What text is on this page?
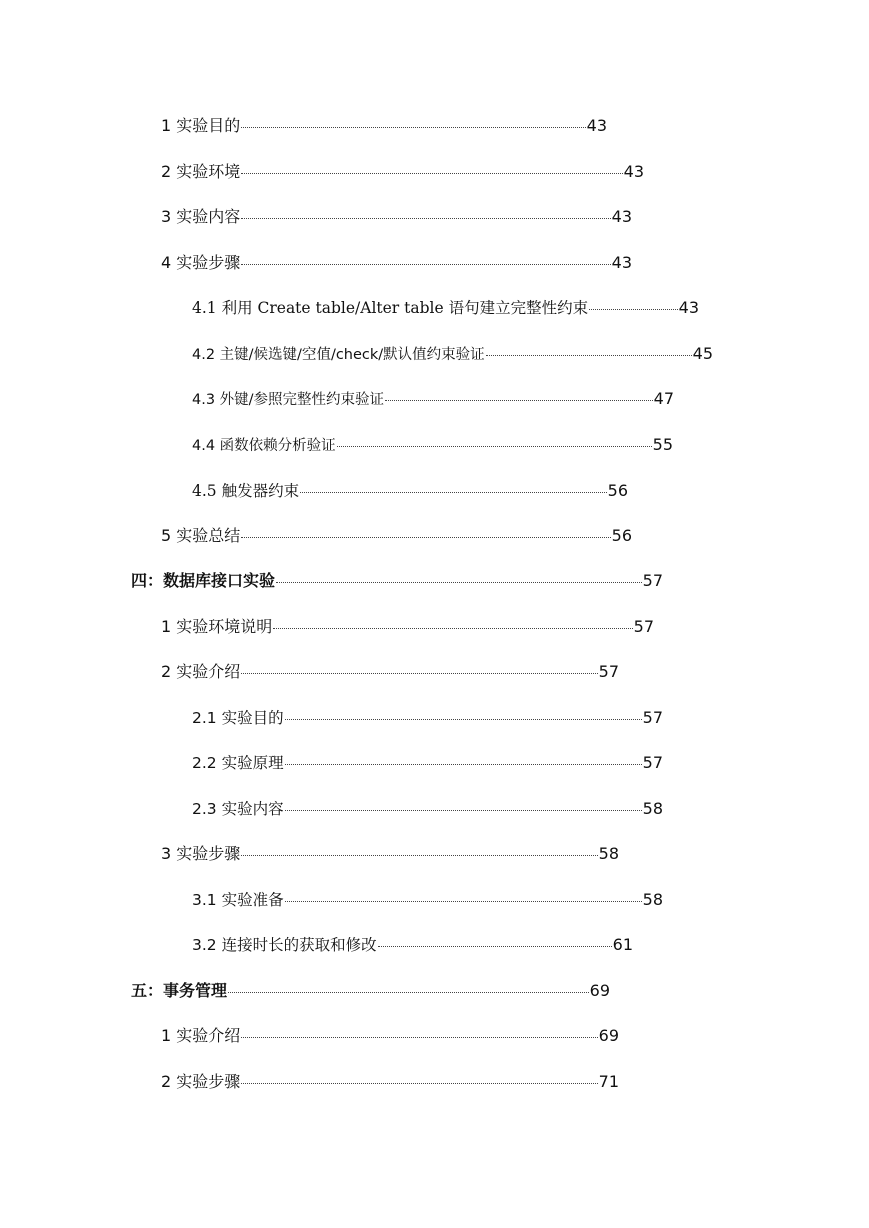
1 实验目的	43
2 实验环境	43
3 实验内容	43
4 实验步骤	43
4.1 利用 Create table/Alter table 语句建立完整性约束	43
4.2 主键/候选键/空值/check/默认值约束验证	45
4.3 外键/参照完整性约束验证	47
4.4 函数依赖分析验证	55
4.5 触发器约束	56
5 实验总结	56
四：数据库接口实验	57
1 实验环境说明	57
2 实验介绍	57
2.1 实验目的	57
2.2 实验原理	57
2.3 实验内容	58
3 实验步骤	58
3.1 实验准备	58
3.2 连接时长的获取和修改	61
五：事务管理	69
1 实验介绍	69
2 实验步骤	71
